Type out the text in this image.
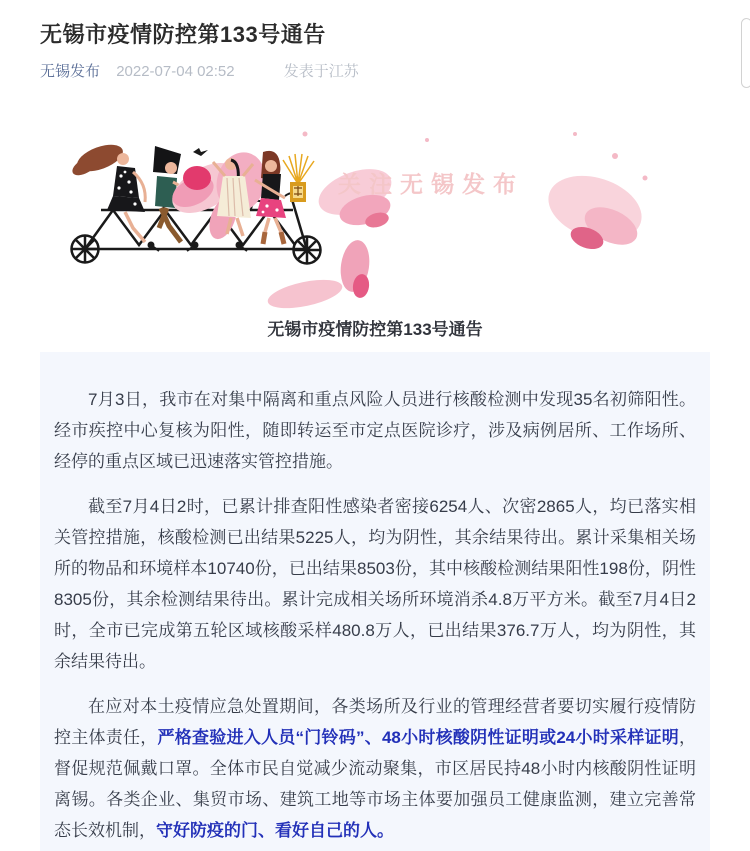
无锡市疫情防控第133号通告
无锡发布 2022-07-04 02:52	发表于江苏
关注无锡发布
无锡市疫情防控第133号通告

7月3日，我市在对集中隔离和重点风险人员进行核酸检测中发现35名初筛阳性。经市疾控中心复核为阳性，随即转运至市定点医院诊疗，涉及病例居所、工作场所、经停的重点区域已迅速落实管控措施。

截至7月4日2时，已累计排查阳性感染者密接6254人、次密2865人，均已落实相关管控措施，核酸检测已出结果5225人，均为阴性，其余结果待出。累计采集相关场所的物品和环境样本10740份，已出结果8503份，其中核酸检测结果阳性198份，阴性8305份，其余检测结果待出。累计完成相关场所环境消杀4.8万平方米。截至7月4日2时，全市已完成第五轮区域核酸采样480.8万人，已出结果376.7万人，均为阴性，其余结果待出。

在应对本土疫情应急处置期间，各类场所及行业的管理经营者要切实履行疫情防控主体责任，严格查验进入人员“门铃码”、48小时核酸阴性证明或24小时采样证明，督促规范佩戴口罩。全体市民自觉减少流动聚集，市区居民持48小时内核酸阴性证明离锡。各类企业、集贸市场、建筑工地等市场主体要加强员工健康监测，建立完善常态长效机制，守好防疫的门、看好自己的人。
